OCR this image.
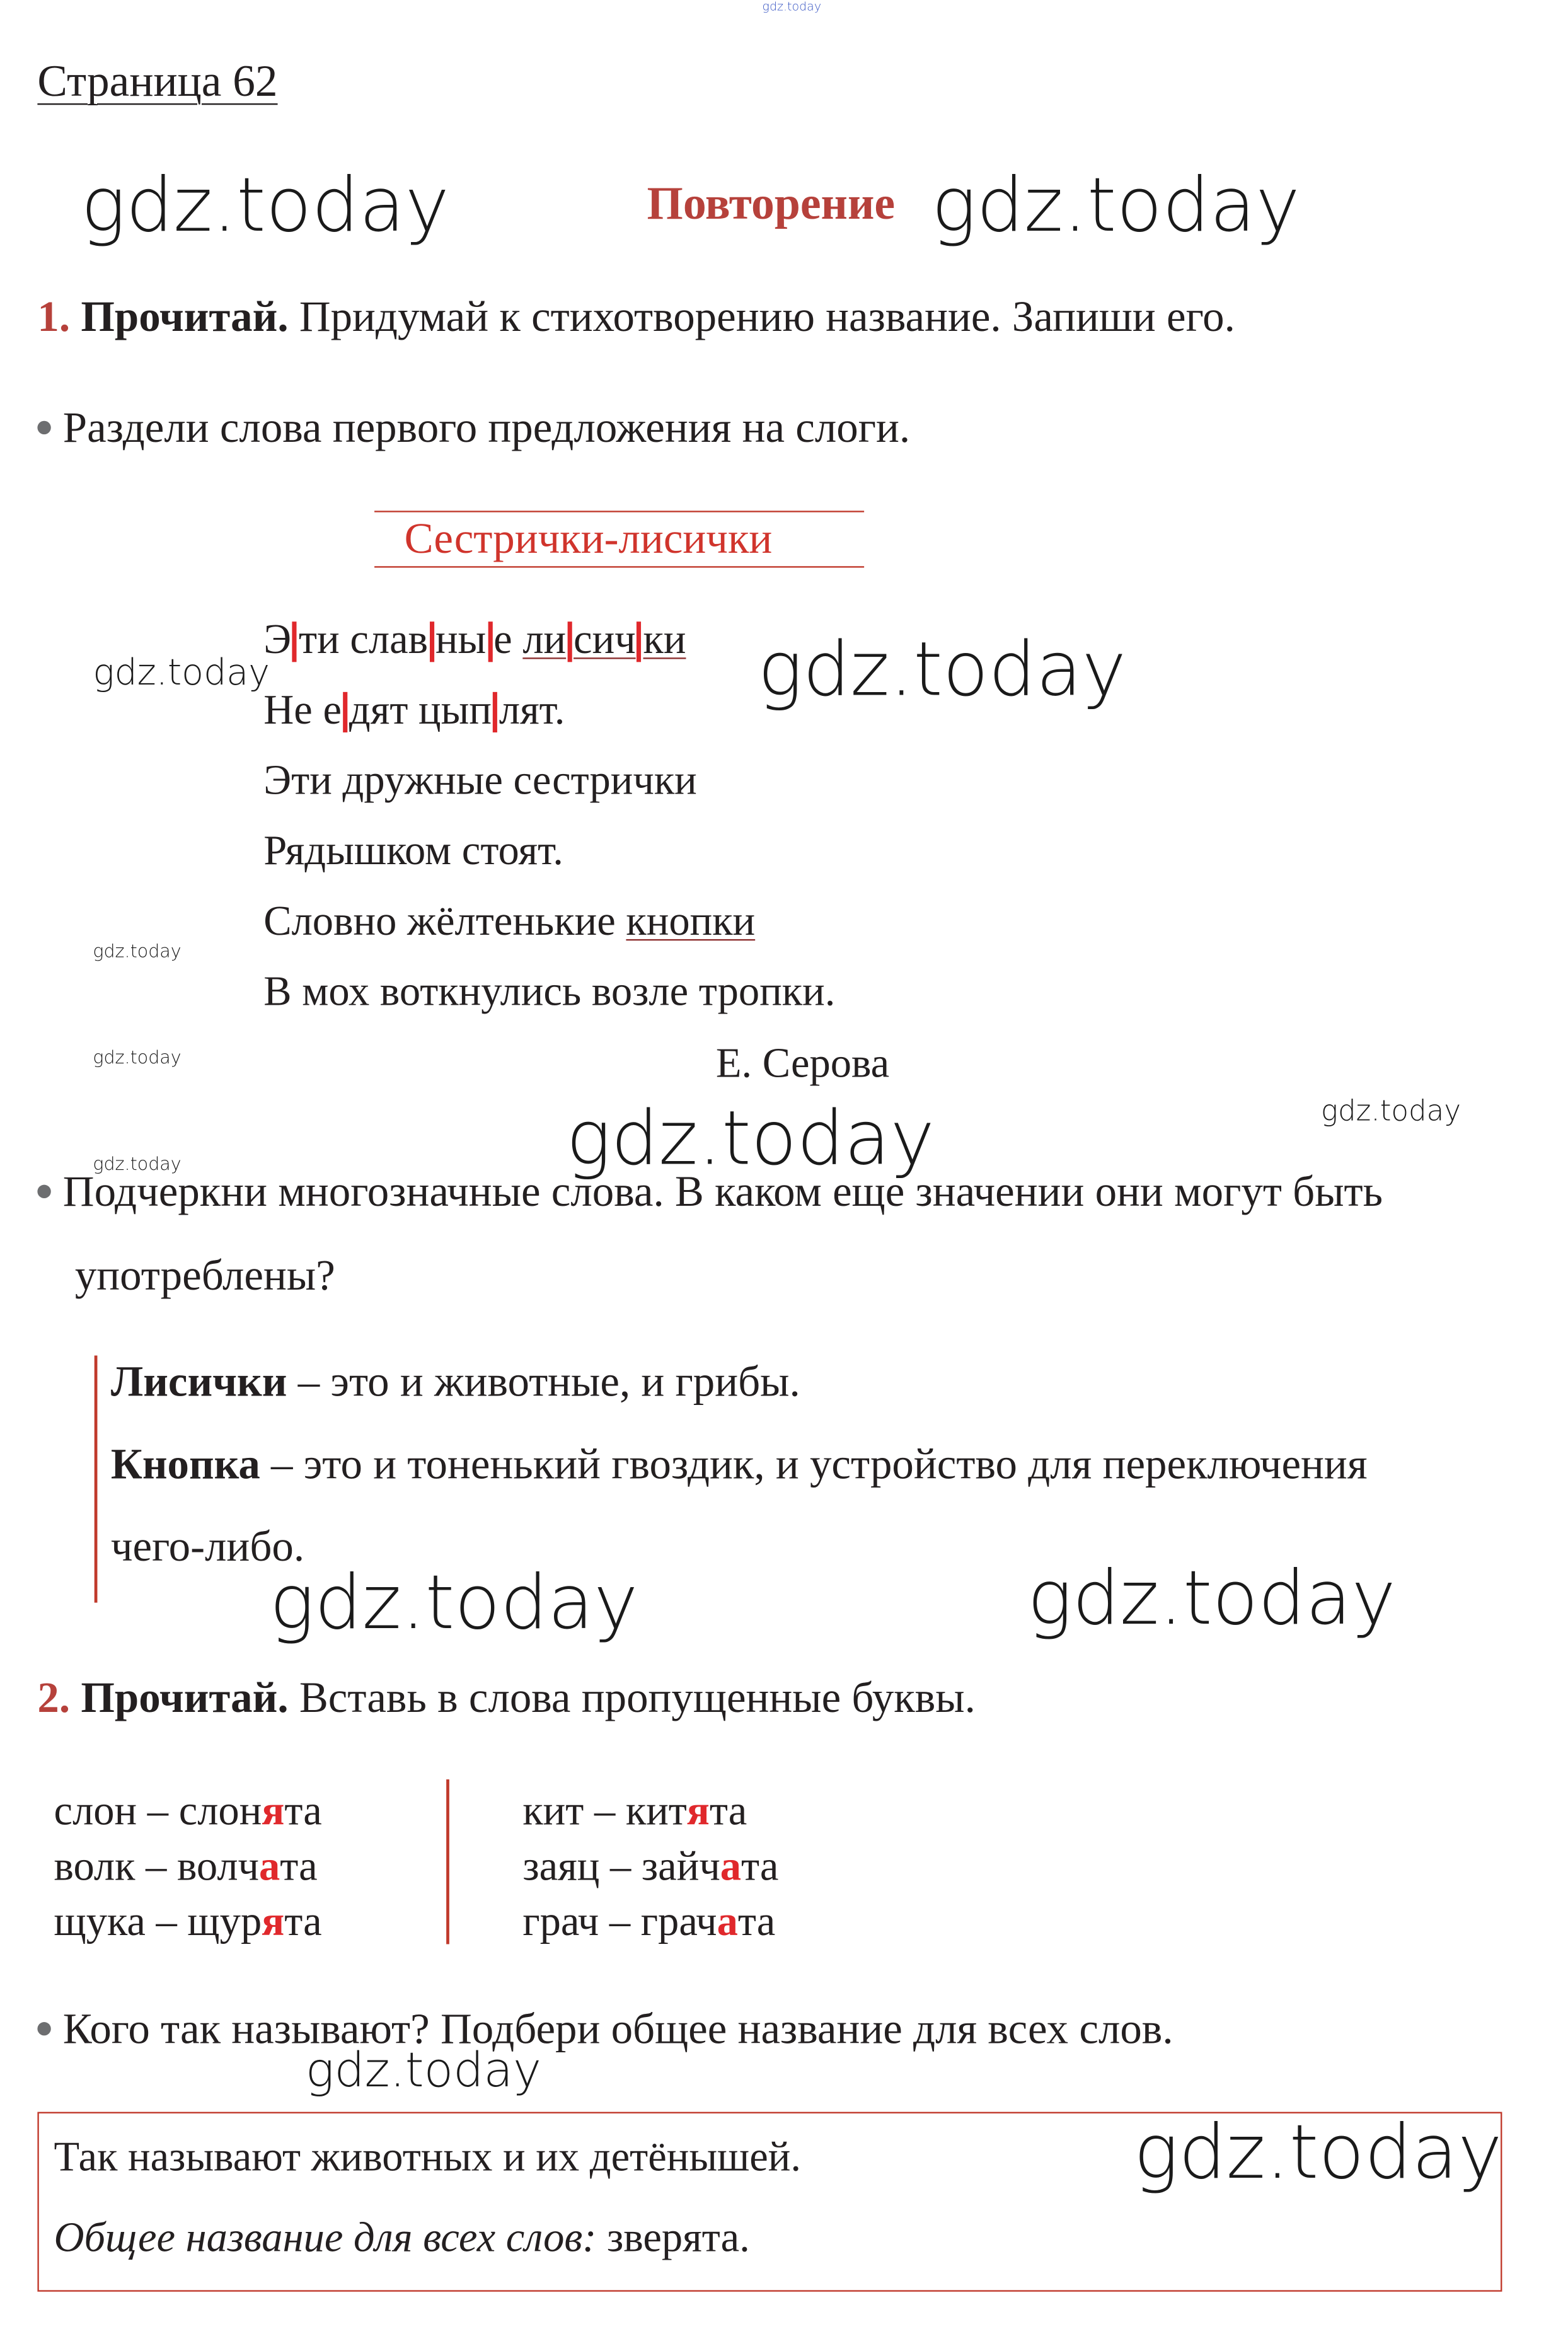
gdz.today
Страница 62
gdz.today	Повторение gdz.today
1. Прочитай. Придумай к стихотворению название. Запиши его.
Раздели слова первого предложения на слоги.
Сестрички-лисички
Э ти слав ны е ли сич ки
gdz.today	gdz.today
Не е дят цып лят.
Эти дружные сестрички
Рядышком стоят.
Словно жёлтенькие кнопки
gdz.today
В мох воткнулись возле тропки.
gdz.today	Е. Серова
gdz.today	gdz.today
gdz.today
Подчеркни многозначные слова. В каком еще значении они могут быть
употреблены?
Лисички – это и животные, и грибы.
Кнопка – это и тоненький гвоздик, и устройство для переключения
чего-либо.
gdz.today	gdz.today
2. Прочитай. Вставь в слова пропущенные буквы.
слон – слонята
волк – волчата
щука – щурята
кит – китята
заяц – зайчата
грач – грачата
Кого так называют? Подбери общее название для всех слов.
gdz.today
Так называют животных и их детёнышей.	gdz.today
Общее название для всех слов: зверята.
